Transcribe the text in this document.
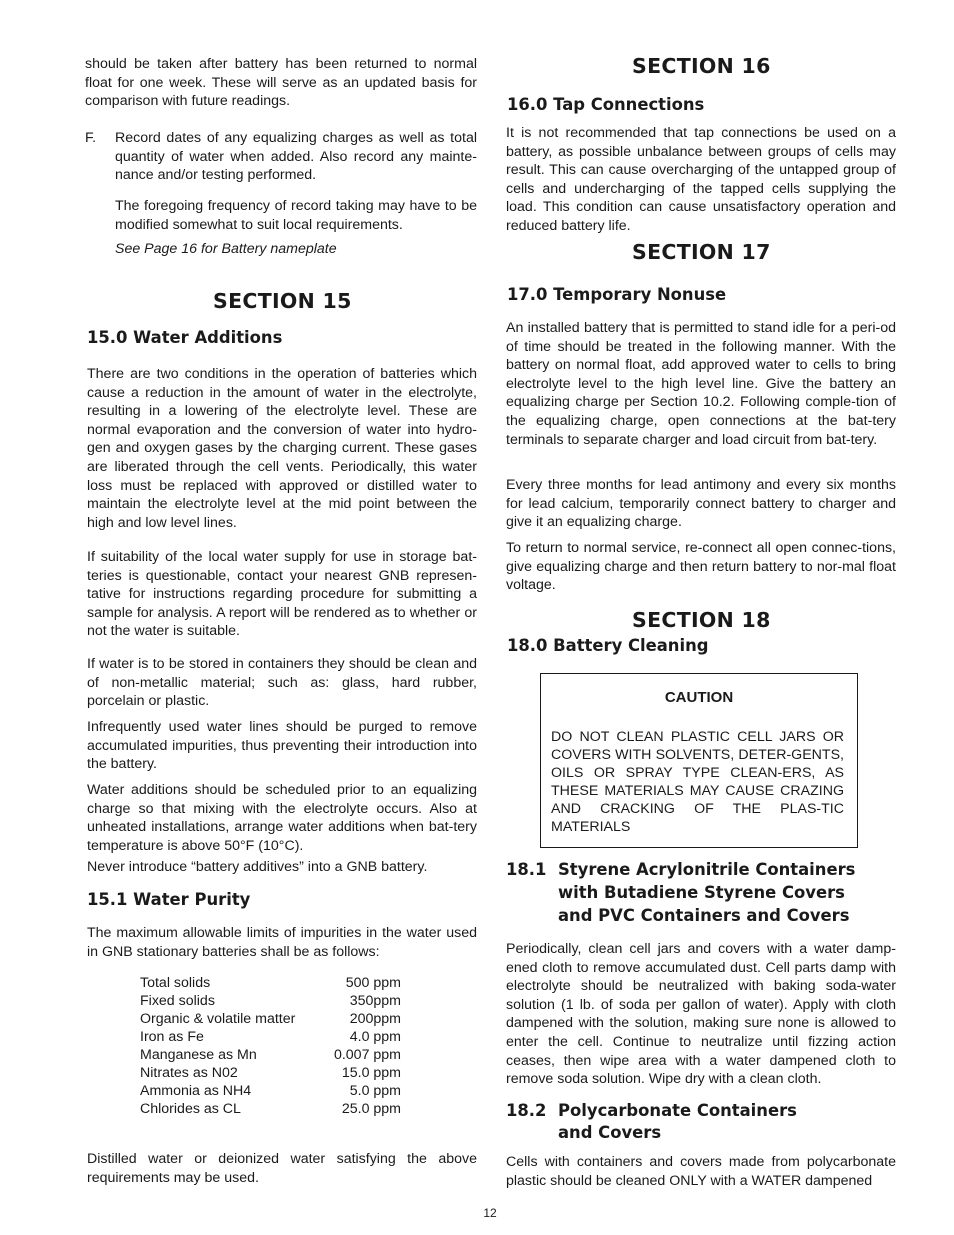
should be taken after battery has been returned to normal float for one week. These will serve as an updated basis for comparison with future readings.

F. Record dates of any equalizing charges as well as total quantity of water when added. Also record any mainte-nance and/or testing performed.

The foregoing frequency of record taking may have to be modified somewhat to suit local requirements.

See Page 16 for Battery nameplate

SECTION 15
15.0 Water Additions

There are two conditions in the operation of batteries which cause a reduction in the amount of water in the electrolyte, resulting in a lowering of the electrolyte level. These are normal evaporation and the conversion of water into hydro-gen and oxygen gases by the charging current. These gases are liberated through the cell vents. Periodically, this water loss must be replaced with approved or distilled water to maintain the electrolyte level at the mid point between the high and low level lines.

If suitability of the local water supply for use in storage bat-teries is questionable, contact your nearest GNB represen-tative for instructions regarding procedure for submitting a sample for analysis. A report will be rendered as to whether or not the water is suitable.

If water is to be stored in containers they should be clean and of non-metallic material; such as: glass, hard rubber, porcelain or plastic.

Infrequently used water lines should be purged to remove accumulated impurities, thus preventing their introduction into the battery.

Water additions should be scheduled prior to an equalizing charge so that mixing with the electrolyte occurs. Also at unheated installations, arrange water additions when bat-tery temperature is above 50°F (10°C).

Never introduce “battery additives” into a GNB battery.

15.1 Water Purity

The maximum allowable limits of impurities in the water used in GNB stationary batteries shall be as follows:

Total solids	500 ppm
Fixed solids	350ppm
Organic & volatile matter	200ppm
Iron as Fe	4.0 ppm
Manganese as Mn	0.007 ppm
Nitrates as N02	15.0 ppm
Ammonia as NH4	5.0 ppm
Chlorides as CL	25.0 ppm

Distilled water or deionized water satisfying the above requirements may be used.

SECTION 16
16.0 Tap Connections

It is not recommended that tap connections be used on a battery, as possible unbalance between groups of cells may result. This can cause overcharging of the untapped group of cells and undercharging of the tapped cells supplying the load. This condition can cause unsatisfactory operation and reduced battery life.

SECTION 17
17.0 Temporary Nonuse

An installed battery that is permitted to stand idle for a peri-od of time should be treated in the following manner. With the battery on normal float, add approved water to cells to bring electrolyte level to the high level line. Give the battery an equalizing charge per Section 10.2. Following comple-tion of the equalizing charge, open connections at the bat-tery terminals to separate charger and load circuit from bat-tery.

Every three months for lead antimony and every six months for lead calcium, temporarily connect battery to charger and give it an equalizing charge.

To return to normal service, re-connect all open connec-tions, give equalizing charge and then return battery to nor-mal float voltage.

SECTION 18
18.0 Battery Cleaning
CAUTION

DO NOT CLEAN PLASTIC CELL JARS OR COVERS WITH SOLVENTS, DETER-GENTS, OILS OR SPRAY TYPE CLEAN-ERS, AS THESE MATERIALS MAY CAUSE CRAZING AND CRACKING OF THE PLAS-TIC MATERIALS

18.1 Styrene Acrylonitrile Containers
with Butadiene Styrene Covers
and PVC Containers and Covers

Periodically, clean cell jars and covers with a water damp-ened cloth to remove accumulated dust. Cell parts damp with electrolyte should be neutralized with baking soda-water solution (1 lb. of soda per gallon of water). Apply with cloth dampened with the solution, making sure none is allowed to enter the cell. Continue to neutralize until fizzing action ceases, then wipe area with a water dampened cloth to remove soda solution. Wipe dry with a clean cloth.

18.2 Polycarbonate Containers
and Covers

Cells with containers and covers made from polycarbonate plastic should be cleaned ONLY with a WATER dampened

12
